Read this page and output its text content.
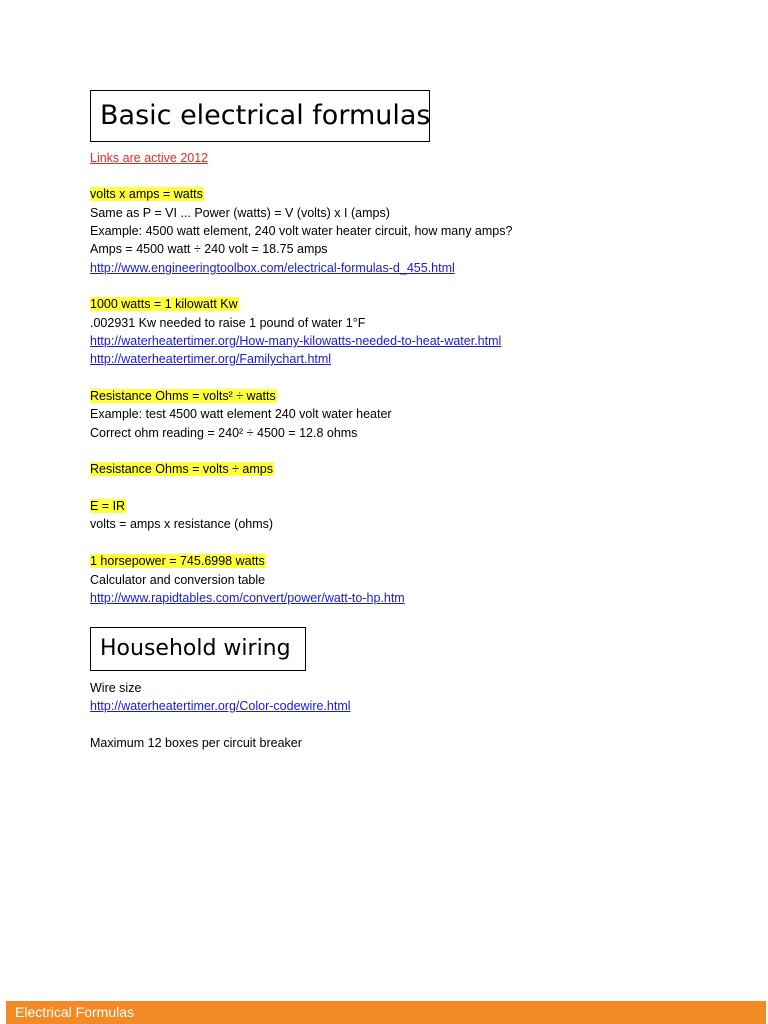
Basic electrical formulas
Links are active 2012
volts x amps = watts
Same as P = VI ... Power (watts) = V (volts) x I (amps)
Example: 4500 watt element, 240 volt water heater circuit, how many amps?
Amps = 4500 watt ÷ 240 volt = 18.75 amps
http://www.engineeringtoolbox.com/electrical-formulas-d_455.html
1000 watts = 1 kilowatt Kw
.002931 Kw needed to raise 1 pound of water 1°F
http://waterheatertimer.org/How-many-kilowatts-needed-to-heat-water.html
http://waterheatertimer.org/Familychart.html
Resistance Ohms = volts² ÷ watts
Example: test 4500 watt element 240 volt water heater
Correct ohm reading = 240² ÷ 4500 = 12.8 ohms
Resistance Ohms = volts ÷ amps
E = IR
volts = amps x resistance (ohms)
1 horsepower = 745.6998 watts
Calculator and conversion table
http://www.rapidtables.com/convert/power/watt-to-hp.htm
Household wiring
Wire size
http://waterheatertimer.org/Color-codewire.html
Maximum 12 boxes per circuit breaker
Electrical Formulas
